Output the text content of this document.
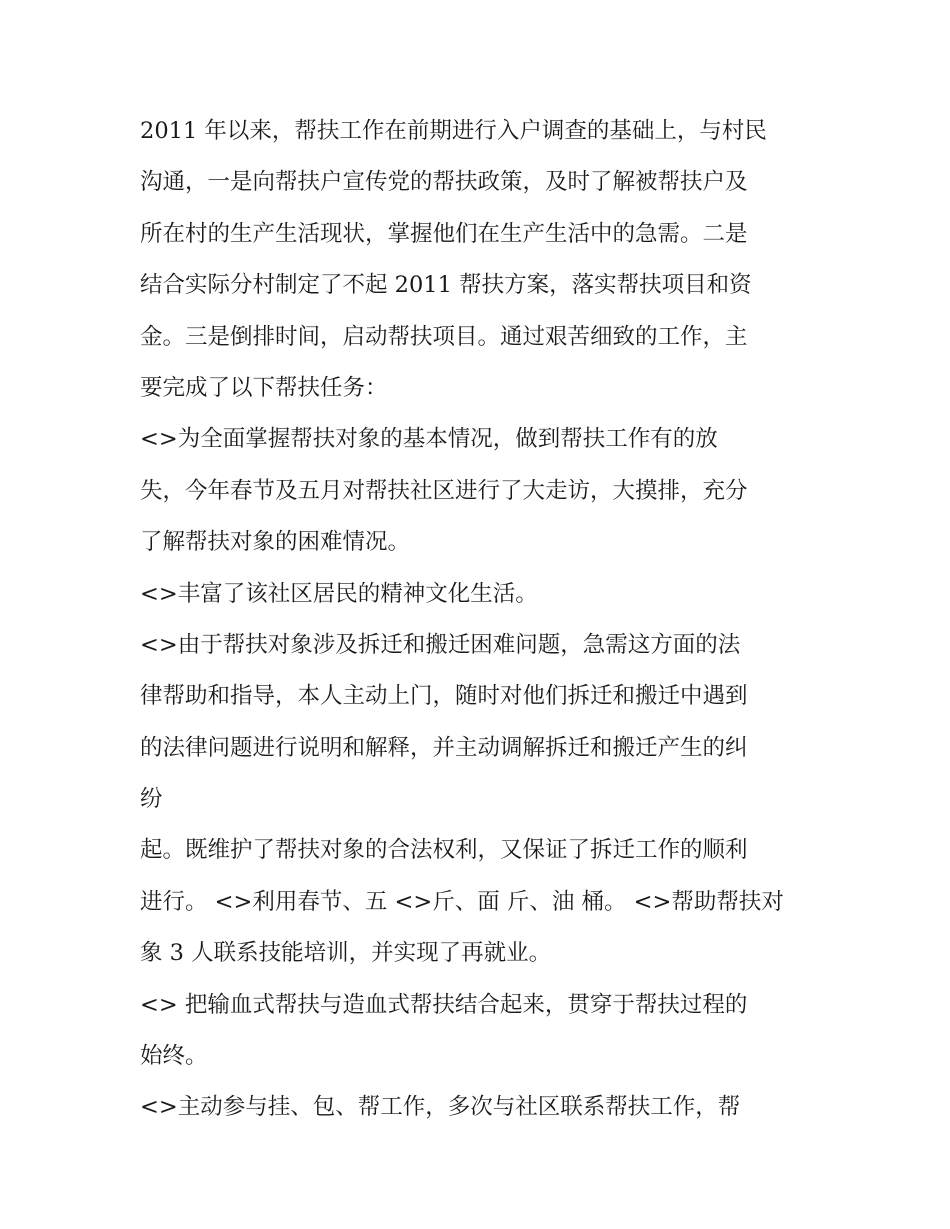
2011 年以来，帮扶工作在前期进行入户调查的基础上，与村民
沟通，一是向帮扶户宣传党的帮扶政策，及时了解被帮扶户及
所在村的生产生活现状，掌握他们在生产生活中的急需。二是
结合实际分村制定了不起 2011 帮扶方案，落实帮扶项目和资
金。三是倒排时间，启动帮扶项目。通过艰苦细致的工作，主
要完成了以下帮扶任务：
<>为全面掌握帮扶对象的基本情况，做到帮扶工作有的放
失，今年春节及五月对帮扶社区进行了大走访，大摸排，充分
了解帮扶对象的困难情况。
<>丰富了该社区居民的精神文化生活。
<>由于帮扶对象涉及拆迁和搬迁困难问题，急需这方面的法
律帮助和指导，本人主动上门，随时对他们拆迁和搬迁中遇到
的法律问题进行说明和解释，并主动调解拆迁和搬迁产生的纠
纷
起。既维护了帮扶对象的合法权利，又保证了拆迁工作的顺利
进行。 <>利用春节、五 <>斤、面 斤、油 桶。 <>帮助帮扶对
象 3 人联系技能培训，并实现了再就业。
<> 把输血式帮扶与造血式帮扶结合起来，贯穿于帮扶过程的
始终。
<>主动参与挂、包、帮工作，多次与社区联系帮扶工作，帮
